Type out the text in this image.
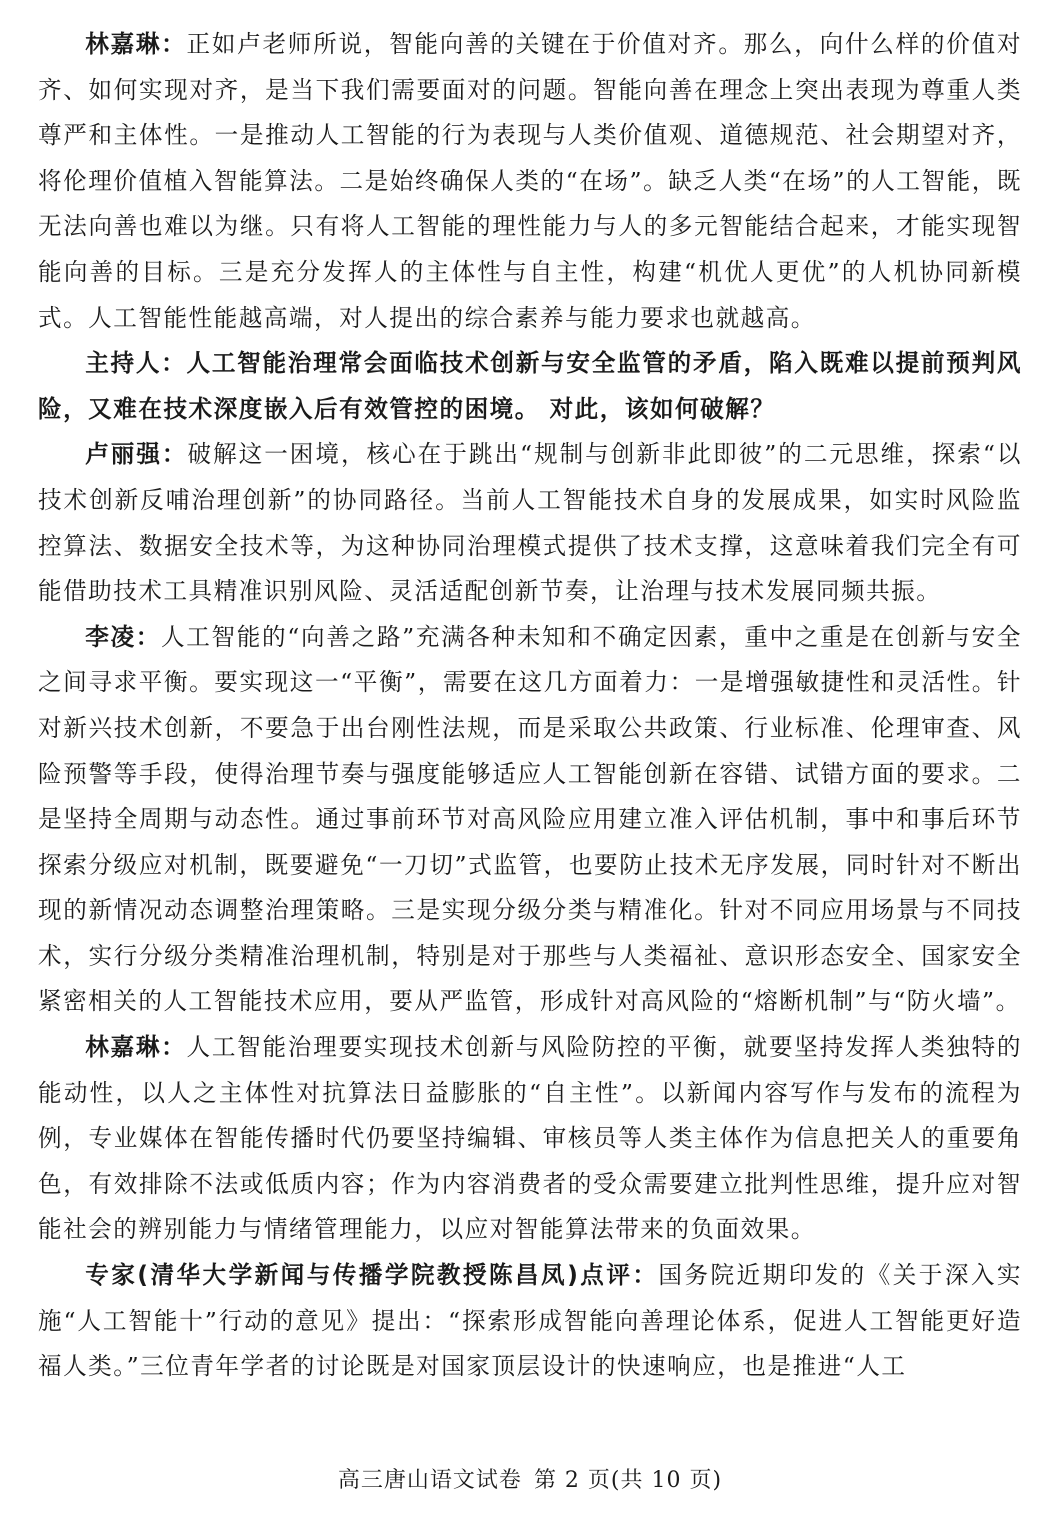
林嘉琳：正如卢老师所说，智能向善的关键在于价值对齐。那么，向什么样的价值对齐、如何实现对齐，是当下我们需要面对的问题。智能向善在理念上突出表现为尊重人类尊严和主体性。一是推动人工智能的行为表现与人类价值观、道德规范、社会期望对齐，将伦理价值植入智能算法。二是始终确保人类的“在场”。缺乏人类“在场”的人工智能，既无法向善也难以为继。只有将人工智能的理性能力与人的多元智能结合起来，才能实现智能向善的目标。三是充分发挥人的主体性与自主性，构建“机优人更优”的人机协同新模式。人工智能性能越高端，对人提出的综合素养与能力要求也就越高。

主持人：人工智能治理常会面临技术创新与安全监管的矛盾，陷入既难以提前预判风险，又难在技术深度嵌入后有效管控的困境。 对此，该如何破解？

卢丽强：破解这一困境，核心在于跳出“规制与创新非此即彼”的二元思维，探索“以技术创新反哺治理创新”的协同路径。当前人工智能技术自身的发展成果，如实时风险监控算法、数据安全技术等，为这种协同治理模式提供了技术支撑，这意味着我们完全有可能借助技术工具精准识别风险、灵活适配创新节奏，让治理与技术发展同频共振。

李凌：人工智能的“向善之路”充满各种未知和不确定因素，重中之重是在创新与安全之间寻求平衡。要实现这一“平衡”，需要在这几方面着力：一是增强敏捷性和灵活性。针对新兴技术创新，不要急于出台刚性法规，而是采取公共政策、行业标准、伦理审查、风险预警等手段，使得治理节奏与强度能够适应人工智能创新在容错、试错方面的要求。二是坚持全周期与动态性。通过事前环节对高风险应用建立准入评估机制，事中和事后环节探索分级应对机制，既要避免“一刀切”式监管，也要防止技术无序发展，同时针对不断出现的新情况动态调整治理策略。三是实现分级分类与精准化。针对不同应用场景与不同技术，实行分级分类精准治理机制，特别是对于那些与人类福祉、意识形态安全、国家安全紧密相关的人工智能技术应用，要从严监管，形成针对高风险的“熔断机制”与“防火墙”。

林嘉琳：人工智能治理要实现技术创新与风险防控的平衡，就要坚持发挥人类独特的能动性，以人之主体性对抗算法日益膨胀的“自主性”。以新闻内容写作与发布的流程为例，专业媒体在智能传播时代仍要坚持编辑、审核员等人类主体作为信息把关人的重要角色，有效排除不法或低质内容；作为内容消费者的受众需要建立批判性思维，提升应对智能社会的辨别能力与情绪管理能力，以应对智能算法带来的负面效果。

专家(清华大学新闻与传播学院教授陈昌凤)点评：国务院近期印发的《关于深入实施“人工智能十”行动的意见》提出：“探索形成智能向善理论体系，促进人工智能更好造福人类。”三位青年学者的讨论既是对国家顶层设计的快速响应，也是推进“人工

高三唐山语文试卷 第 2 页(共 10 页)
